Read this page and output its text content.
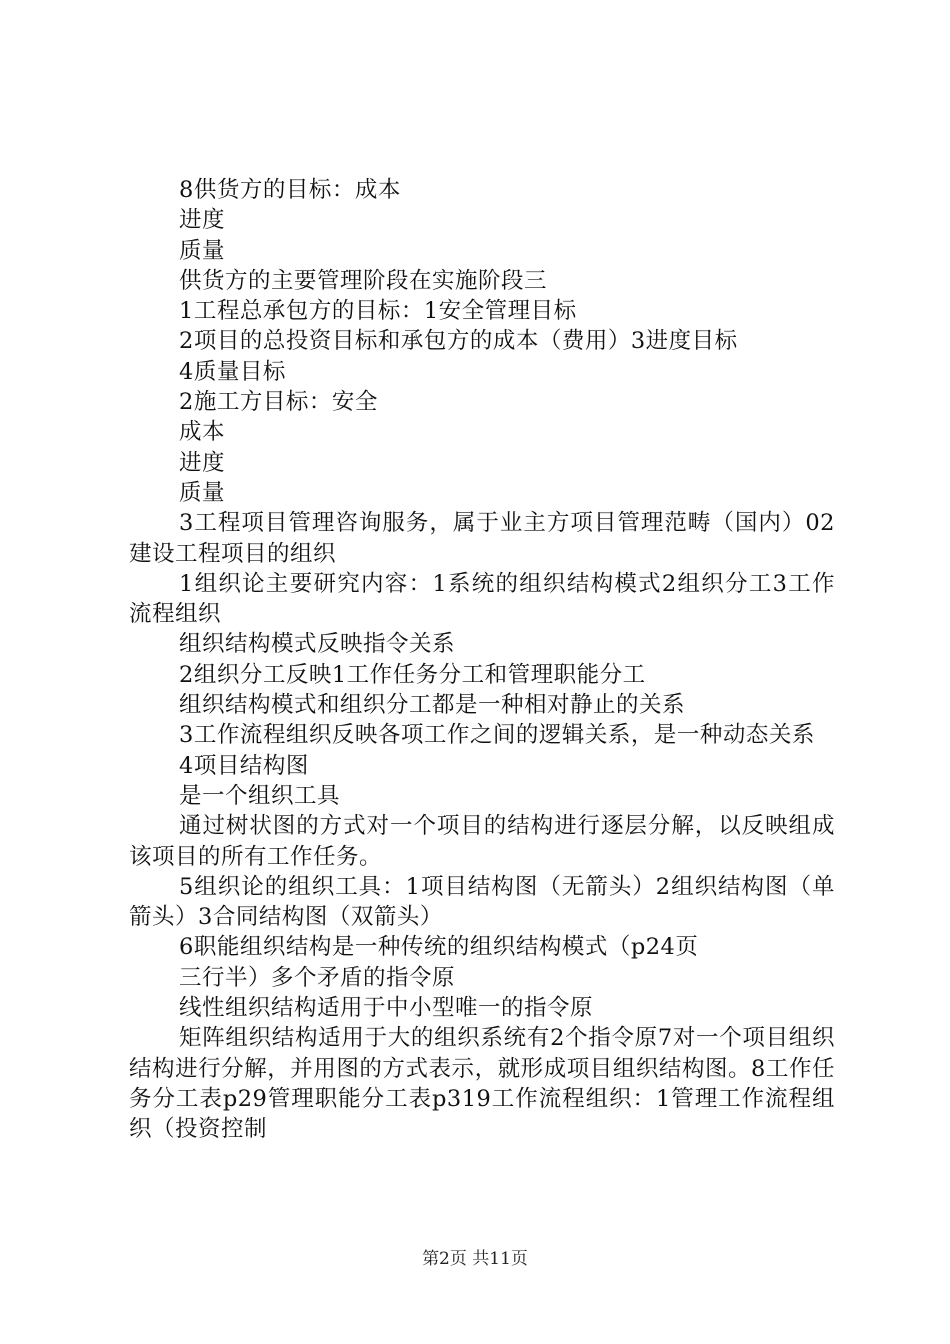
8供货方的目标：成本

进度

质量

供货方的主要管理阶段在实施阶段三

1工程总承包方的目标：1安全管理目标

2项目的总投资目标和承包方的成本（费用）3进度目标

4质量目标

2施工方目标：安全

成本

进度

质量

3工程项目管理咨询服务，属于业主方项目管理范畴（国内）02建设工程项目的组织

1组织论主要研究内容：1系统的组织结构模式2组织分工3工作流程组织

组织结构模式反映指令关系

2组织分工反映1工作任务分工和管理职能分工

组织结构模式和组织分工都是一种相对静止的关系

3工作流程组织反映各项工作之间的逻辑关系，是一种动态关系

4项目结构图

是一个组织工具

通过树状图的方式对一个项目的结构进行逐层分解，以反映组成该项目的所有工作任务。

5组织论的组织工具：1项目结构图（无箭头）2组织结构图（单箭头）3合同结构图（双箭头）

6职能组织结构是一种传统的组织结构模式（p24页

三行半）多个矛盾的指令原

线性组织结构适用于中小型唯一的指令原

矩阵组织结构适用于大的组织系统有2个指令原7对一个项目组织结构进行分解，并用图的方式表示，就形成项目组织结构图。8工作任务分工表p29管理职能分工表p319工作流程组织：1管理工作流程组织（投资控制

第2页 共11页
